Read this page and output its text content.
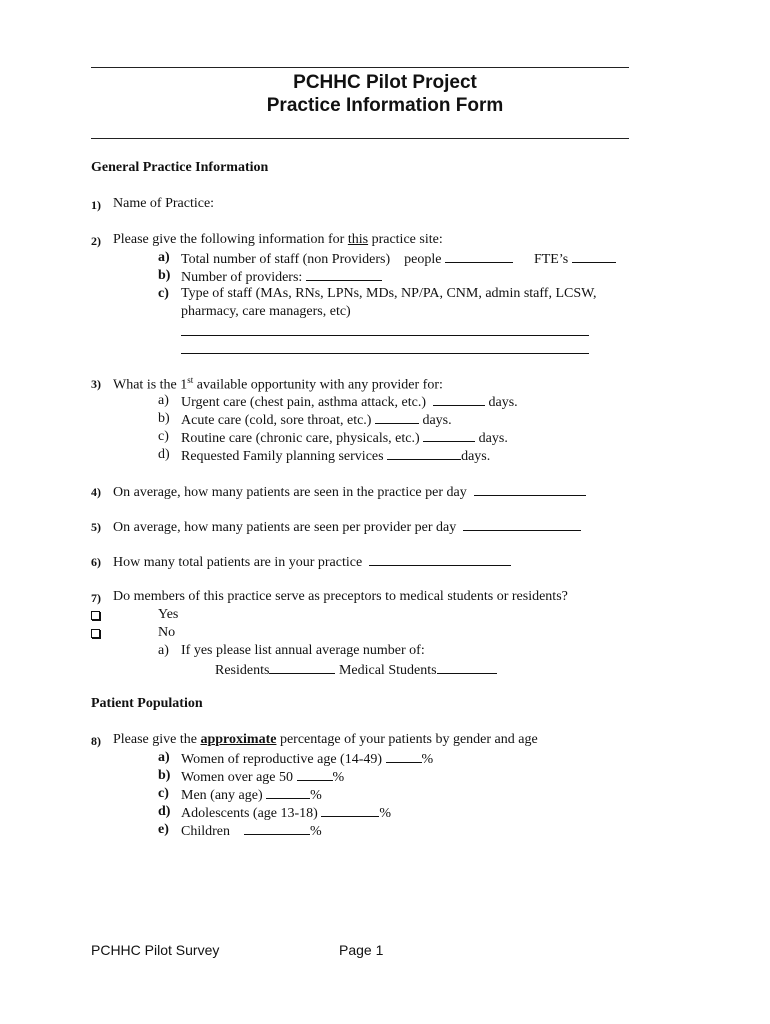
PCHHC Pilot Project
Practice Information Form
General Practice Information
1) Name of Practice:
2) Please give the following information for this practice site:
a) Total number of staff (non Providers) people	FTE’s
b) Number of providers:
c) Type of staff (MAs, RNs, LPNs, MDs, NP/PA, CNM, admin staff, LCSW,
pharmacy, care managers, etc)
3) What is the 1st available opportunity with any provider for:
a) Urgent care (chest pain, asthma attack, etc.)	days.
b) Acute care (cold, sore throat, etc.)	days.
c) Routine care (chronic care, physicals, etc.)	days.
d) Requested Family planning services	days.
4) On average, how many patients are seen in the practice per day
5) On average, how many patients are seen per provider per day
6) How many total patients are in your practice
7) Do members of this practice serve as preceptors to medical students or residents?
Yes
No
a) If yes please list annual average number of:
Residents	Medical Students
Patient Population
8) Please give the approximate percentage of your patients by gender and age
a) Women of reproductive age (14-49)	%
b) Women over age 50	%
c) Men (any age)	%
d) Adolescents (age 13-18)	%
e) Children	%
PCHHC Pilot Survey	Page 1
